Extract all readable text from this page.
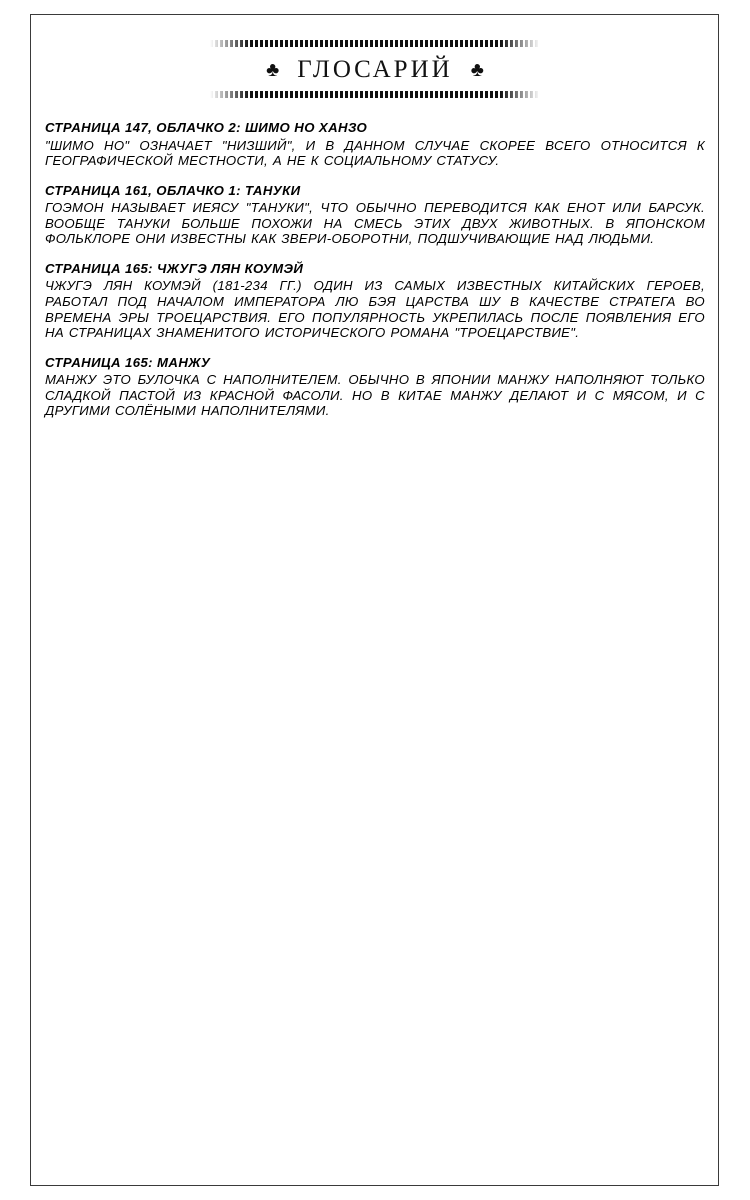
♣ ГЛОСАРИЙ ♣
СТРАНИЦА 147, ОБЛАЧКО 2: ШИМО НО ХАНЗО
"ШИМО НО" ОЗНАЧАЕТ "НИЗШИЙ", И В ДАННОМ СЛУЧАЕ СКОРЕЕ ВСЕГО ОТНОСИТСЯ К ГЕОГРАФИЧЕСКОЙ МЕСТНОСТИ, А НЕ К СОЦИАЛЬНОМУ СТАТУСУ.
СТРАНИЦА 161, ОБЛАЧКО 1: ТАНУКИ
ГОЭМОН НАЗЫВАЕТ ИЕЯСУ "ТАНУКИ", ЧТО ОБЫЧНО ПЕРЕВОДИТСЯ КАК ЕНОТ ИЛИ БАРСУК. ВООБЩЕ ТАНУКИ БОЛЬШЕ ПОХОЖИ НА СМЕСЬ ЭТИХ ДВУХ ЖИВОТНЫХ. В ЯПОНСКОМ ФОЛЬКЛОРЕ ОНИ ИЗВЕСТНЫ КАК ЗВЕРИ-ОБОРОТНИ, ПОДШУЧИВАЮЩИЕ НАД ЛЮДЬМИ.
СТРАНИЦА 165: ЧЖУГЭ ЛЯН КОУМЭЙ
ЧЖУГЭ ЛЯН КОУМЭЙ (181-234 ГГ.) ОДИН ИЗ САМЫХ ИЗВЕСТНЫХ КИТАЙСКИХ ГЕРОЕВ, РАБОТАЛ ПОД НАЧАЛОМ ИМПЕРАТОРА ЛЮ БЭЯ ЦАРСТВА ШУ В КАЧЕСТВЕ СТРАТЕГА ВО ВРЕМЕНА ЭРЫ ТРОЕЦАРСТВИЯ. ЕГО ПОПУЛЯРНОСТЬ УКРЕПИЛАСЬ ПОСЛЕ ПОЯВЛЕНИЯ ЕГО НА СТРАНИЦАХ ЗНАМЕНИТОГО ИСТОРИЧЕСКОГО РОМАНА "ТРОЕЦАРСТВИЕ".
СТРАНИЦА 165: МАНЖУ
МАНЖУ ЭТО БУЛОЧКА С НАПОЛНИТЕЛЕМ. ОБЫЧНО В ЯПОНИИ МАНЖУ НАПОЛНЯЮТ ТОЛЬКО СЛАДКОЙ ПАСТОЙ ИЗ КРАСНОЙ ФАСОЛИ. НО В КИТАЕ МАНЖУ ДЕЛАЮТ И С МЯСОМ, И С ДРУГИМИ СОЛЁНЫМИ НАПОЛНИТЕЛЯМИ.
